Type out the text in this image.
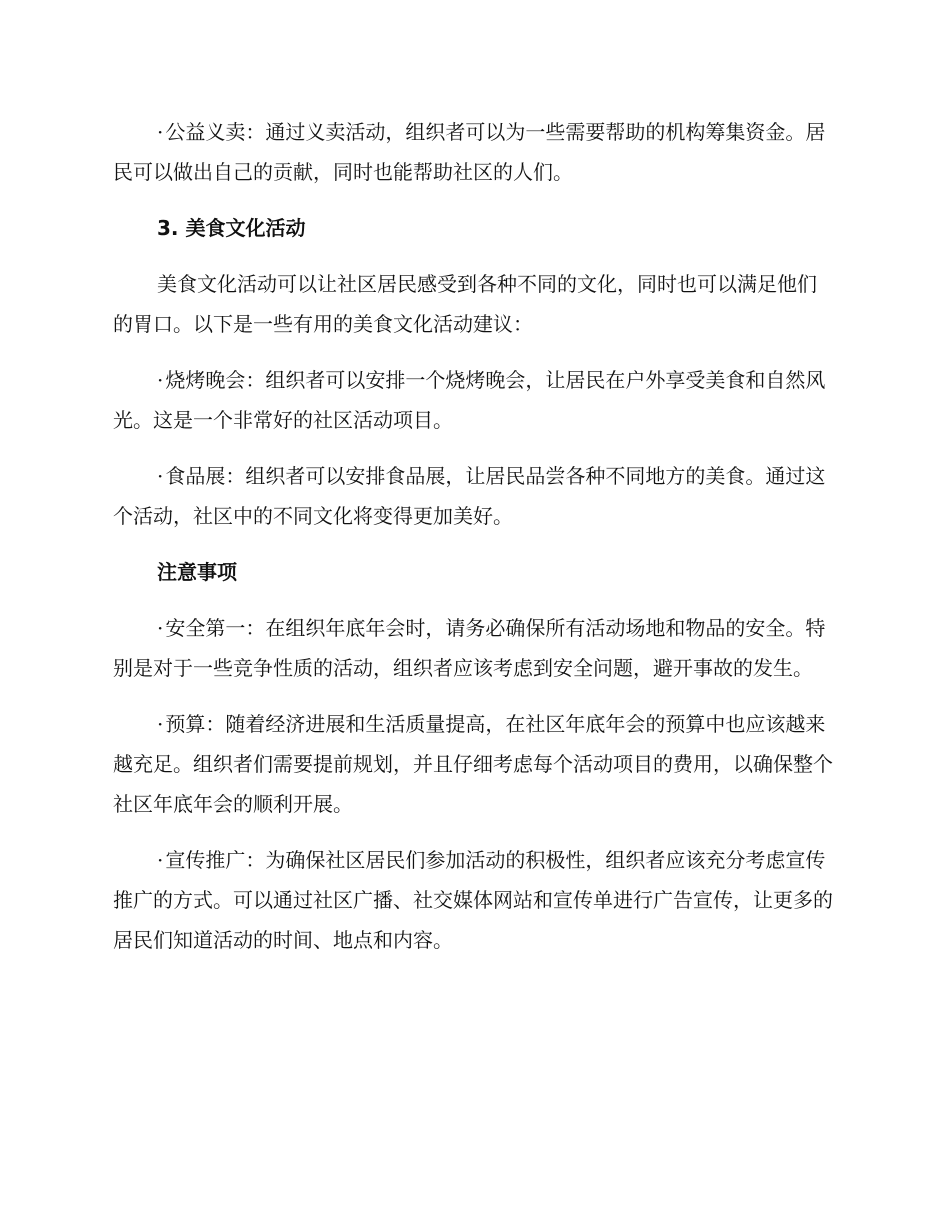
· 公益义卖：通过义卖活动，组织者可以为一些需要帮助的机构筹集资金。居民可以做出自己的贡献，同时也能帮助社区的人们。

3. 美食文化活动

美食文化活动可以让社区居民感受到各种不同的文化，同时也可以满足他们的胃口。以下是一些有用的美食文化活动建议：

· 烧烤晚会：组织者可以安排一个烧烤晚会，让居民在户外享受美食和自然风光。这是一个非常好的社区活动项目。

· 食品展：组织者可以安排食品展，让居民品尝各种不同地方的美食。通过这个活动，社区中的不同文化将变得更加美好。

注意事项

· 安全第一：在组织年底年会时，请务必确保所有活动场地和物品的安全。特别是对于一些竞争性质的活动，组织者应该考虑到安全问题，避开事故的发生。

· 预算：随着经济进展和生活质量提高，在社区年底年会的预算中也应该越来越充足。组织者们需要提前规划，并且仔细考虑每个活动项目的费用，以确保整个社区年底年会的顺利开展。

· 宣传推广：为确保社区居民们参加活动的积极性，组织者应该充分考虑宣传推广的方式。可以通过社区广播、社交媒体网站和宣传单进行广告宣传，让更多的居民们知道活动的时间、地点和内容。
